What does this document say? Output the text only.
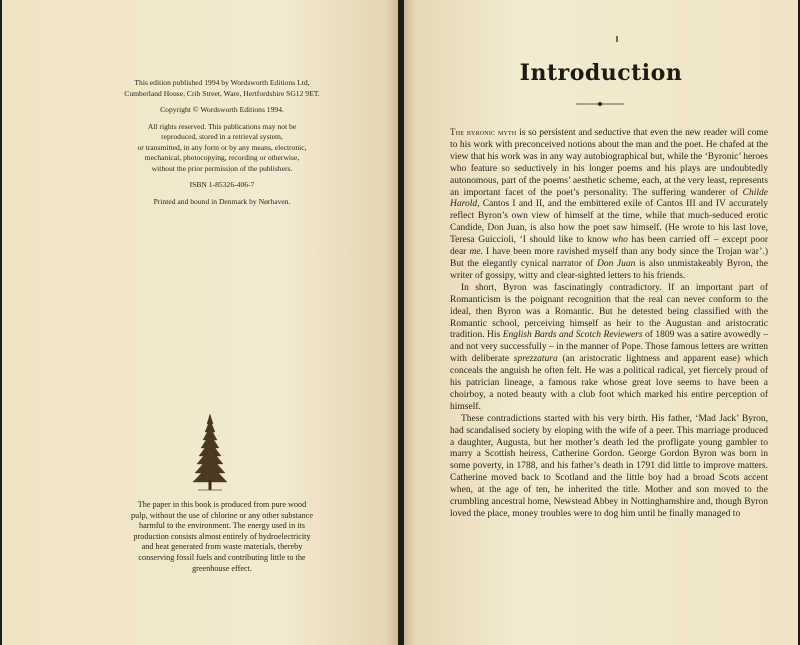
This edition published 1994 by Wordsworth Editions Ltd,

Cumberland House, Crib Street, Ware, Hertfordshire SG12 9ET.

Copyright © Wordsworth Editions 1994.

All rights reserved. This publications may not be
reproduced, stored in a retrieval system,
or transmitted, in any form or by any means, electronic,
mechanical, photocopying, recording or otherwise,
without the prior permission of the publishers.

ISBN 1-85326-406-7

Printed and bound in Denmark by Nørhaven.

The paper in this book is produced from pure wood
pulp, without the use of chlorine or any other substance
harmful to the environment. The energy used in its
production consists almost entirely of hydroelectricity
and heat generated from waste materials, thereby
conserving fossil fuels and contributing little to the
greenhouse effect.
Introduction

The byronic myth is so persistent and seductive that even the new reader will come to his work with preconceived notions about the man and the poet. He chafed at the view that his work was in any way autobiographical but, while the ‘Byronic’ heroes who feature so seductively in his longer poems and his plays are undoubtedly autonomous, part of the poems’ aesthetic scheme, each, at the very least, represents an important facet of the poet’s personality. The suffering wanderer of Childe Harold, Cantos I and II, and the embittered exile of Cantos III and IV accurately reflect Byron’s own view of himself at the time, while that much-seduced erotic Candide, Don Juan, is also how the poet saw himself. (He wrote to his last love, Teresa Guiccioli, ‘I should like to know who has been carried off – except poor dear me. I have been more ravished myself than any body since the Trojan war’.) But the elegantly cynical narrator of Don Juan is also unmistakeably Byron, the writer of gossipy, witty and clear-sighted letters to his friends.

In short, Byron was fascinatingly contradictory. If an important part of Romanticism is the poignant recognition that the real can never conform to the ideal, then Byron was a Romantic. But he detested being classified with the Romantic school, perceiving himself as heir to the Augustan and aristocratic tradition. His English Bards and Scotch Reviewers of 1809 was a satire avowedly – and not very successfully – in the manner of Pope. Those famous letters are written with deliberate sprezzatura (an aristocratic lightness and apparent ease) which conceals the anguish he often felt. He was a political radical, yet fiercely proud of his patrician lineage, a famous rake whose great love seems to have been a choirboy, a noted beauty with a club foot which marked his entire perception of himself.

These contradictions started with his very birth. His father, ‘Mad Jack’ Byron, had scandalised society by eloping with the wife of a peer. This marriage produced a daughter, Augusta, but her mother’s death led the profligate young gambler to marry a Scottish heiress, Catherine Gordon. George Gordon Byron was born in some poverty, in 1788, and his father’s death in 1791 did little to improve matters. Catherine moved back to Scotland and the little boy had a broad Scots accent when, at the age of ten, he inherited the title. Mother and son moved to the crumbling ancestral home, Newstead Abbey in Nottinghamshire and, though Byron loved the place, money troubles were to dog him until he finally managed to
